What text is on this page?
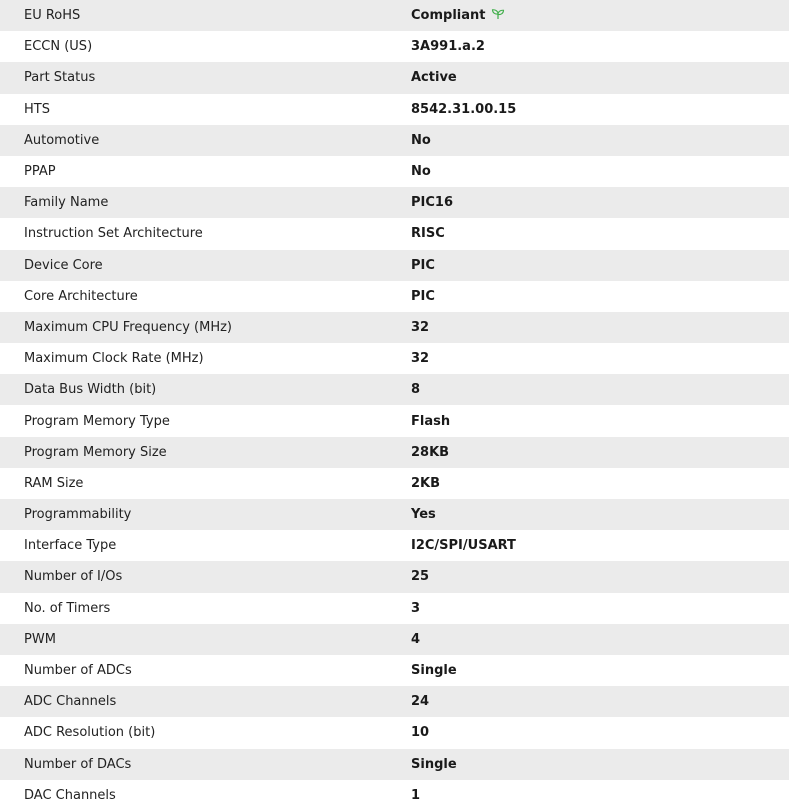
EU RoHS	Compliant
ECCN (US)	3A991.a.2
Part Status	Active
HTS	8542.31.00.15
Automotive	No
PPAP	No
Family Name	PIC16
Instruction Set Architecture	RISC
Device Core	PIC
Core Architecture	PIC
Maximum CPU Frequency (MHz)	32
Maximum Clock Rate (MHz)	32
Data Bus Width (bit)	8
Program Memory Type	Flash
Program Memory Size	28KB
RAM Size	2KB
Programmability	Yes
Interface Type	I2C/SPI/USART
Number of I/Os	25
No. of Timers	3
PWM	4
Number of ADCs	Single
ADC Channels	24
ADC Resolution (bit)	10
Number of DACs	Single
DAC Channels	1
